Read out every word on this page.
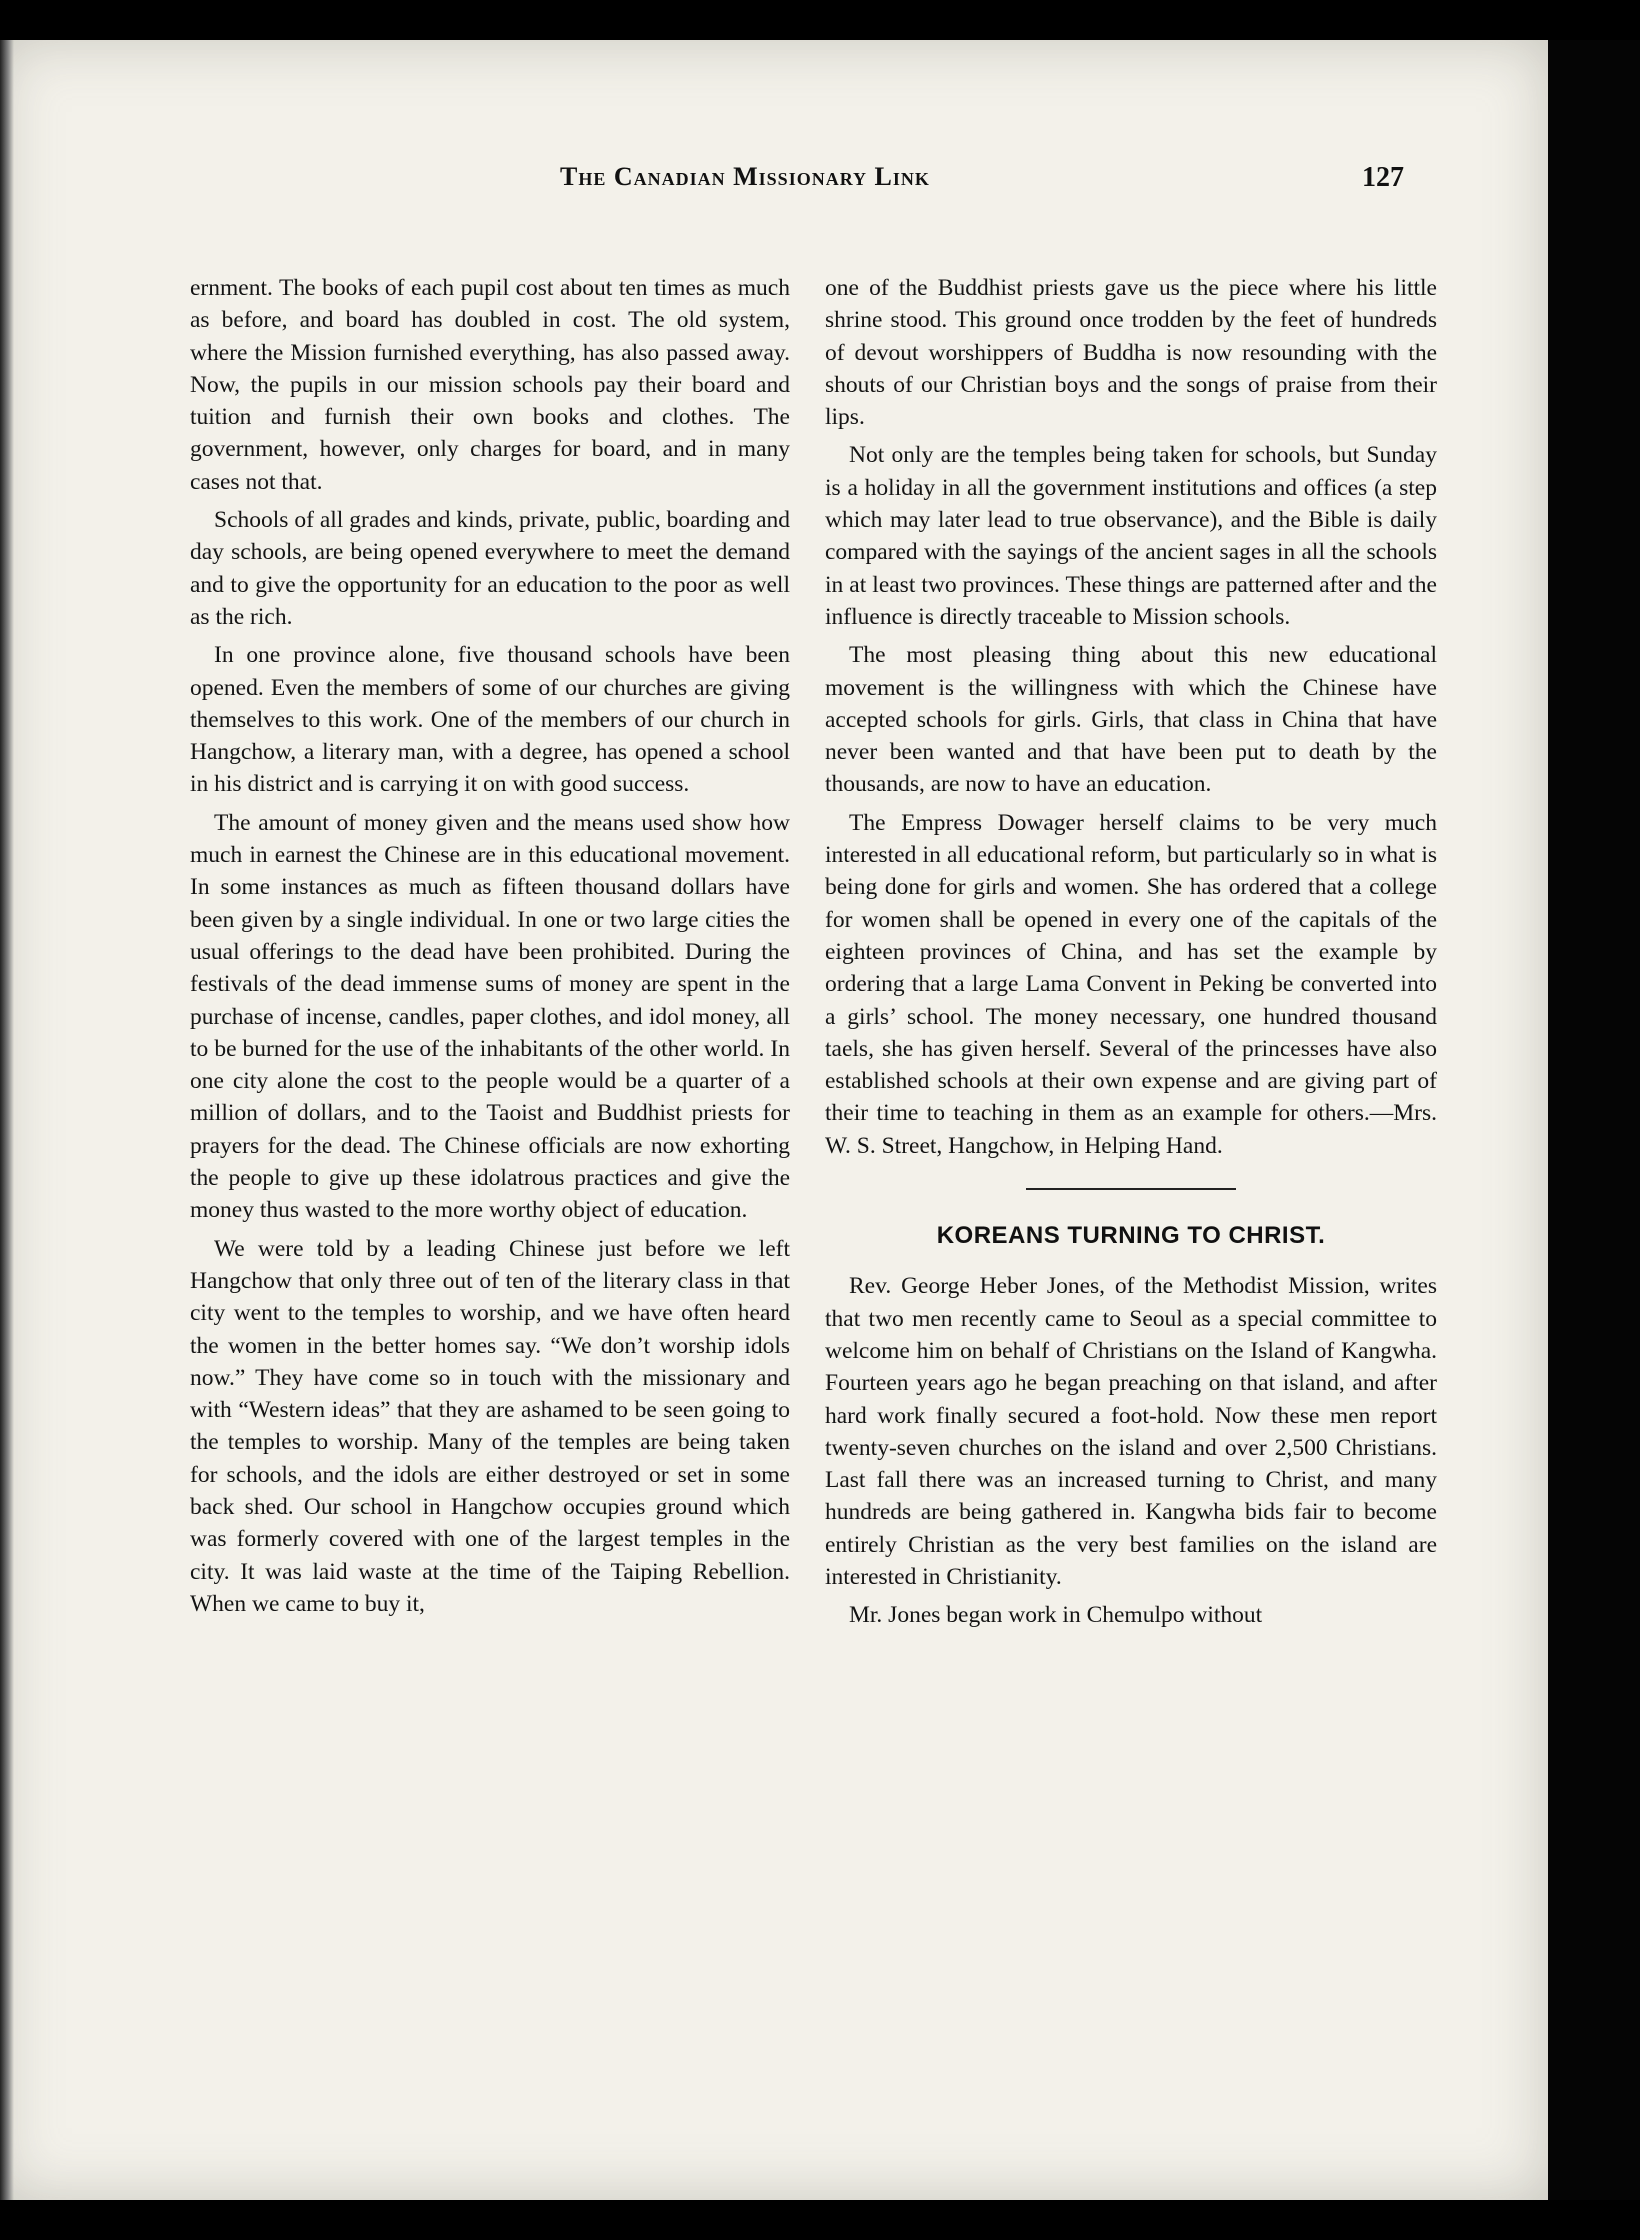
The Canadian Missionary Link	127

ernment. The books of each pupil cost about ten times as much as before, and board has doubled in cost. The old system, where the Mission furnished everything, has also passed away. Now, the pupils in our mission schools pay their board and tuition and furnish their own books and clothes. The government, however, only charges for board, and in many cases not that.

Schools of all grades and kinds, private, public, boarding and day schools, are being opened everywhere to meet the demand and to give the opportunity for an education to the poor as well as the rich.

In one province alone, five thousand schools have been opened. Even the members of some of our churches are giving themselves to this work. One of the members of our church in Hangchow, a literary man, with a degree, has opened a school in his district and is carrying it on with good success.

The amount of money given and the means used show how much in earnest the Chinese are in this educational movement. In some instances as much as fifteen thousand dollars have been given by a single individual. In one or two large cities the usual offerings to the dead have been prohibited. During the festivals of the dead immense sums of money are spent in the purchase of incense, candles, paper clothes, and idol money, all to be burned for the use of the inhabitants of the other world. In one city alone the cost to the people would be a quarter of a million of dollars, and to the Taoist and Buddhist priests for prayers for the dead. The Chinese officials are now exhorting the people to give up these idolatrous practices and give the money thus wasted to the more worthy object of education.

We were told by a leading Chinese just before we left Hangchow that only three out of ten of the literary class in that city went to the temples to worship, and we have often heard the women in the better homes say. “We don’t worship idols now.” They have come so in touch with the missionary and with “Western ideas” that they are ashamed to be seen going to the temples to worship. Many of the temples are being taken for schools, and the idols are either destroyed or set in some back shed. Our school in Hangchow occupies ground which was formerly covered with one of the largest temples in the city. It was laid waste at the time of the Taiping Rebellion. When we came to buy it,

one of the Buddhist priests gave us the piece where his little shrine stood. This ground once trodden by the feet of hundreds of devout worshippers of Buddha is now resounding with the shouts of our Christian boys and the songs of praise from their lips.

Not only are the temples being taken for schools, but Sunday is a holiday in all the government institutions and offices (a step which may later lead to true observance), and the Bible is daily compared with the sayings of the ancient sages in all the schools in at least two provinces. These things are patterned after and the influence is directly traceable to Mission schools.

The most pleasing thing about this new educational movement is the willingness with which the Chinese have accepted schools for girls. Girls, that class in China that have never been wanted and that have been put to death by the thousands, are now to have an education.

The Empress Dowager herself claims to be very much interested in all educational reform, but particularly so in what is being done for girls and women. She has ordered that a college for women shall be opened in every one of the capitals of the eighteen provinces of China, and has set the example by ordering that a large Lama Convent in Peking be converted into a girls’ school. The money necessary, one hundred thousand taels, she has given herself. Several of the princesses have also established schools at their own expense and are giving part of their time to teaching in them as an example for others.—Mrs. W. S. Street, Hangchow, in Helping Hand.

KOREANS TURNING TO CHRIST.

Rev. George Heber Jones, of the Methodist Mission, writes that two men recently came to Seoul as a special committee to welcome him on behalf of Christians on the Island of Kangwha. Fourteen years ago he began preaching on that island, and after hard work finally secured a foot-hold. Now these men report twenty-seven churches on the island and over 2,500 Christians. Last fall there was an increased turning to Christ, and many hundreds are being gathered in. Kangwha bids fair to become entirely Christian as the very best families on the island are interested in Christianity.

Mr. Jones began work in Chemulpo without
